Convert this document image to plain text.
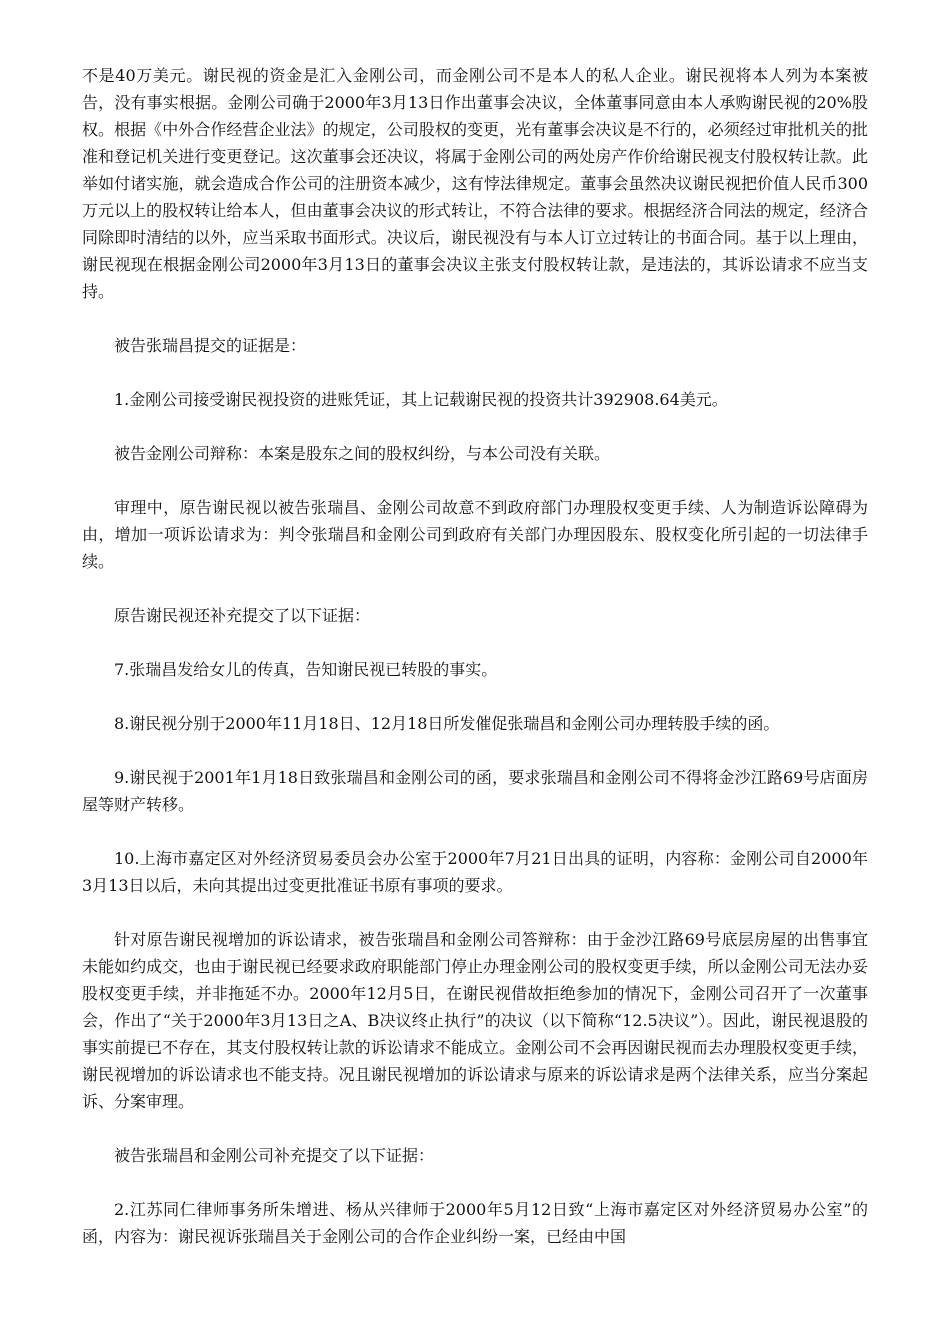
不是40万美元。谢民视的资金是汇入金刚公司，而金刚公司不是本人的私人企业。谢民视将本人列为本案被告，没有事实根据。金刚公司确于2000年3月13日作出董事会决议，全体董事同意由本人承购谢民视的20%股权。根据《中外合作经营企业法》的规定，公司股权的变更，光有董事会决议是不行的，必须经过审批机关的批准和登记机关进行变更登记。这次董事会还决议，将属于金刚公司的两处房产作价给谢民视支付股权转让款。此举如付诸实施，就会造成合作公司的注册资本减少，这有悖法律规定。董事会虽然决议谢民视把价值人民币300万元以上的股权转让给本人，但由董事会决议的形式转让，不符合法律的要求。根据经济合同法的规定，经济合同除即时清结的以外，应当采取书面形式。决议后，谢民视没有与本人订立过转让的书面合同。基于以上理由，谢民视现在根据金刚公司2000年3月13日的董事会决议主张支付股权转让款，是违法的，其诉讼请求不应当支持。

被告张瑞昌提交的证据是：

1.金刚公司接受谢民视投资的进账凭证，其上记载谢民视的投资共计392908.64美元。

被告金刚公司辩称：本案是股东之间的股权纠纷，与本公司没有关联。

审理中，原告谢民视以被告张瑞昌、金刚公司故意不到政府部门办理股权变更手续、人为制造诉讼障碍为由，增加一项诉讼请求为：判令张瑞昌和金刚公司到政府有关部门办理因股东、股权变化所引起的一切法律手续。

原告谢民视还补充提交了以下证据：

7.张瑞昌发给女儿的传真，告知谢民视已转股的事实。

8.谢民视分别于2000年11月18日、12月18日所发催促张瑞昌和金刚公司办理转股手续的函。

9.谢民视于2001年1月18日致张瑞昌和金刚公司的函，要求张瑞昌和金刚公司不得将金沙江路69号店面房屋等财产转移。

10.上海市嘉定区对外经济贸易委员会办公室于2000年7月21日出具的证明，内容称：金刚公司自2000年3月13日以后，未向其提出过变更批准证书原有事项的要求。

针对原告谢民视增加的诉讼请求，被告张瑞昌和金刚公司答辩称：由于金沙江路69号底层房屋的出售事宜未能如约成交，也由于谢民视已经要求政府职能部门停止办理金刚公司的股权变更手续，所以金刚公司无法办妥股权变更手续，并非拖延不办。2000年12月5日，在谢民视借故拒绝参加的情况下，金刚公司召开了一次董事会，作出了“关于2000年3月13日之A、B决议终止执行”的决议（以下简称“12.5决议”）。因此，谢民视退股的事实前提已不存在，其支付股权转让款的诉讼请求不能成立。金刚公司不会再因谢民视而去办理股权变更手续，谢民视增加的诉讼请求也不能支持。况且谢民视增加的诉讼请求与原来的诉讼请求是两个法律关系，应当分案起诉、分案审理。

被告张瑞昌和金刚公司补充提交了以下证据：

2.江苏同仁律师事务所朱增进、杨从兴律师于2000年5月12日致“上海市嘉定区对外经济贸易办公室”的函，内容为：谢民视诉张瑞昌关于金刚公司的合作企业纠纷一案，已经由中国
